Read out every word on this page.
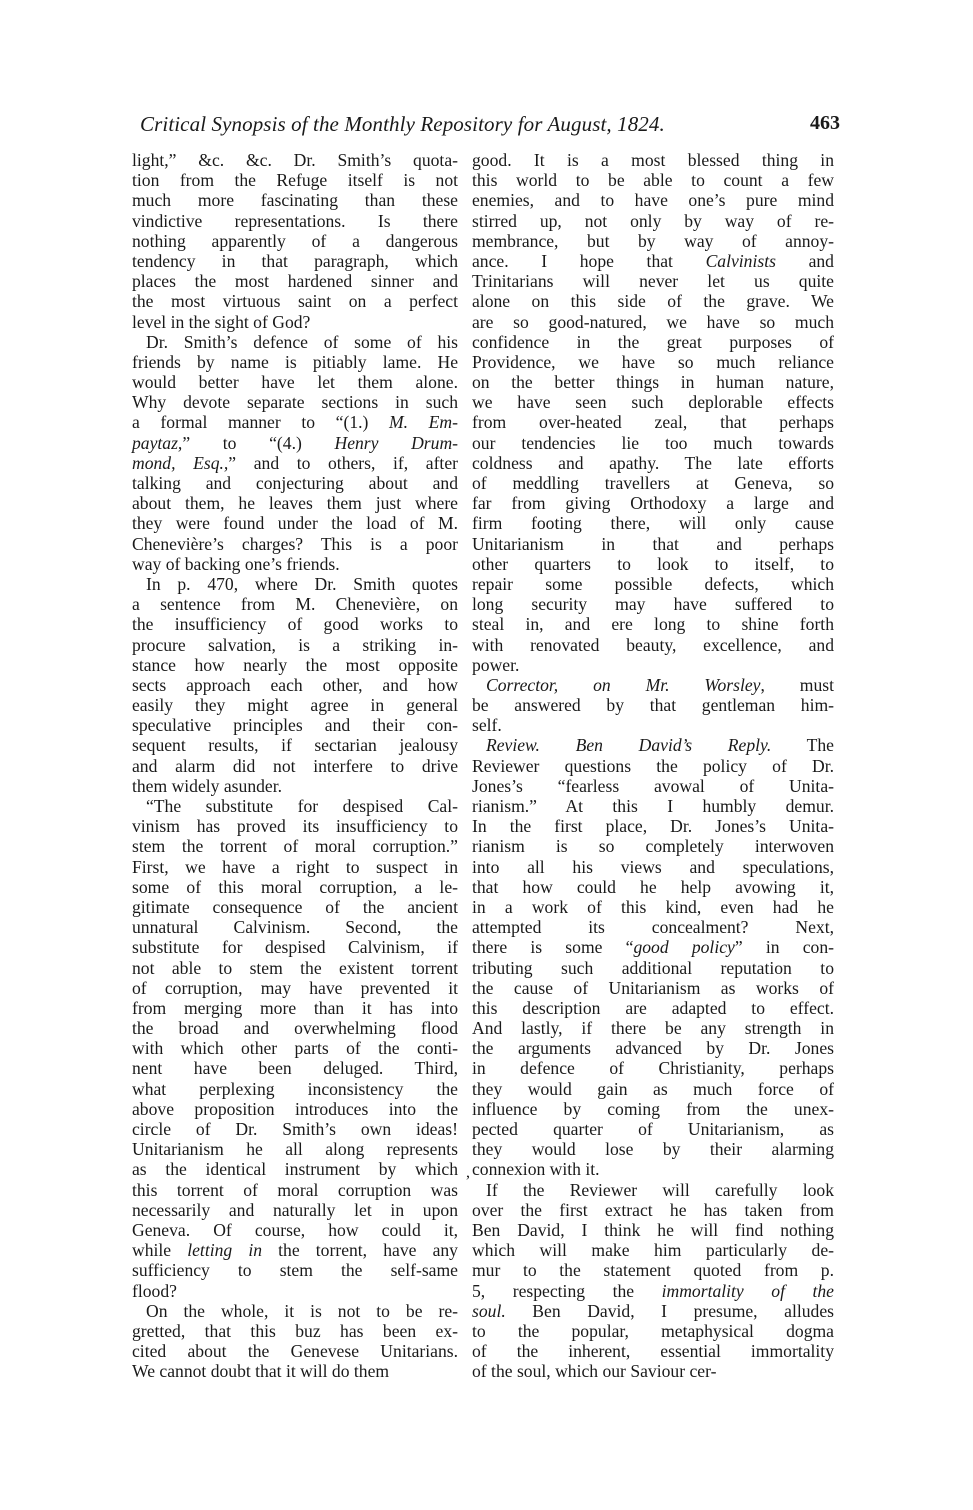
Critical Synopsis of the Monthly Repository for August, 1824.	463
light,” &c. &c. Dr. Smith’s quota-
tion from the Refuge itself is not
much more fascinating than these
vindictive representations. Is there
nothing apparently of a dangerous
tendency in that paragraph, which
places the most hardened sinner and
the most virtuous saint on a perfect
level in the sight of God?
Dr. Smith’s defence of some of his
friends by name is pitiably lame. He
would better have let them alone.
Why devote separate sections in such
a formal manner to “(1.) M. Em-
paytaz,” to “(4.) Henry Drum-
mond, Esq.,” and to others, if, after
talking and conjecturing about and
about them, he leaves them just where
they were found under the load of M.
Chenevière’s charges? This is a poor
way of backing one’s friends.
In p. 470, where Dr. Smith quotes
a sentence from M. Chenevière, on
the insufficiency of good works to
procure salvation, is a striking in-
stance how nearly the most opposite
sects approach each other, and how
easily they might agree in general
speculative principles and their con-
sequent results, if sectarian jealousy
and alarm did not interfere to drive
them widely asunder.
“The substitute for despised Cal-
vinism has proved its insufficiency to
stem the torrent of moral corruption.”
First, we have a right to suspect in
some of this moral corruption, a le-
gitimate consequence of the ancient
unnatural Calvinism. Second, the
substitute for despised Calvinism, if
not able to stem the existent torrent
of corruption, may have prevented it
from merging more than it has into
the broad and overwhelming flood
with which other parts of the conti-
nent have been deluged. Third,
what perplexing inconsistency the
above proposition introduces into the
circle of Dr. Smith’s own ideas!
Unitarianism he all along represents
as the identical instrument by which
this torrent of moral corruption was
necessarily and naturally let in upon
Geneva. Of course, how could it,
while letting in the torrent, have any
sufficiency to stem the self-same
flood?
On the whole, it is not to be re-
gretted, that this buz has been ex-
cited about the Genevese Unitarians.
We cannot doubt that it will do them
good. It is a most blessed thing in
this world to be able to count a few
enemies, and to have one’s pure mind
stirred up, not only by way of re-
membrance, but by way of annoy-
ance. I hope that Calvinists and
Trinitarians will never let us quite
alone on this side of the grave. We
are so good-natured, we have so much
confidence in the great purposes of
Providence, we have so much reliance
on the better things in human nature,
we have seen such deplorable effects
from over-heated zeal, that perhaps
our tendencies lie too much towards
coldness and apathy. The late efforts
of meddling travellers at Geneva, so
far from giving Orthodoxy a large and
firm footing there, will only cause
Unitarianism in that and perhaps
other quarters to look to itself, to
repair some possible defects, which
long security may have suffered to
steal in, and ere long to shine forth
with renovated beauty, excellence, and
power.
Corrector, on Mr. Worsley, must
be answered by that gentleman him-
self.
Review. Ben David’s Reply. The
Reviewer questions the policy of Dr.
Jones’s “fearless avowal of Unita-
rianism.” At this I humbly demur.
In the first place, Dr. Jones’s Unita-
rianism is so completely interwoven
into all his views and speculations,
that how could he help avowing it,
in a work of this kind, even had he
attempted its concealment? Next,
there is some “good policy” in con-
tributing such additional reputation to
the cause of Unitarianism as works of
this description are adapted to effect.
And lastly, if there be any strength in
the arguments advanced by Dr. Jones
in defence of Christianity, perhaps
they would gain as much force of
influence by coming from the unex-
pected quarter of Unitarianism, as
they would lose by their alarming
connexion with it.
If the Reviewer will carefully look
over the first extract he has taken from
Ben David, I think he will find nothing
which will make him particularly de-
mur to the statement quoted from p.
5, respecting the immortality of the
soul. Ben David, I presume, alludes
to the popular, metaphysical dogma
of the inherent, essential immortality
of the soul, which our Saviour cer-
,
